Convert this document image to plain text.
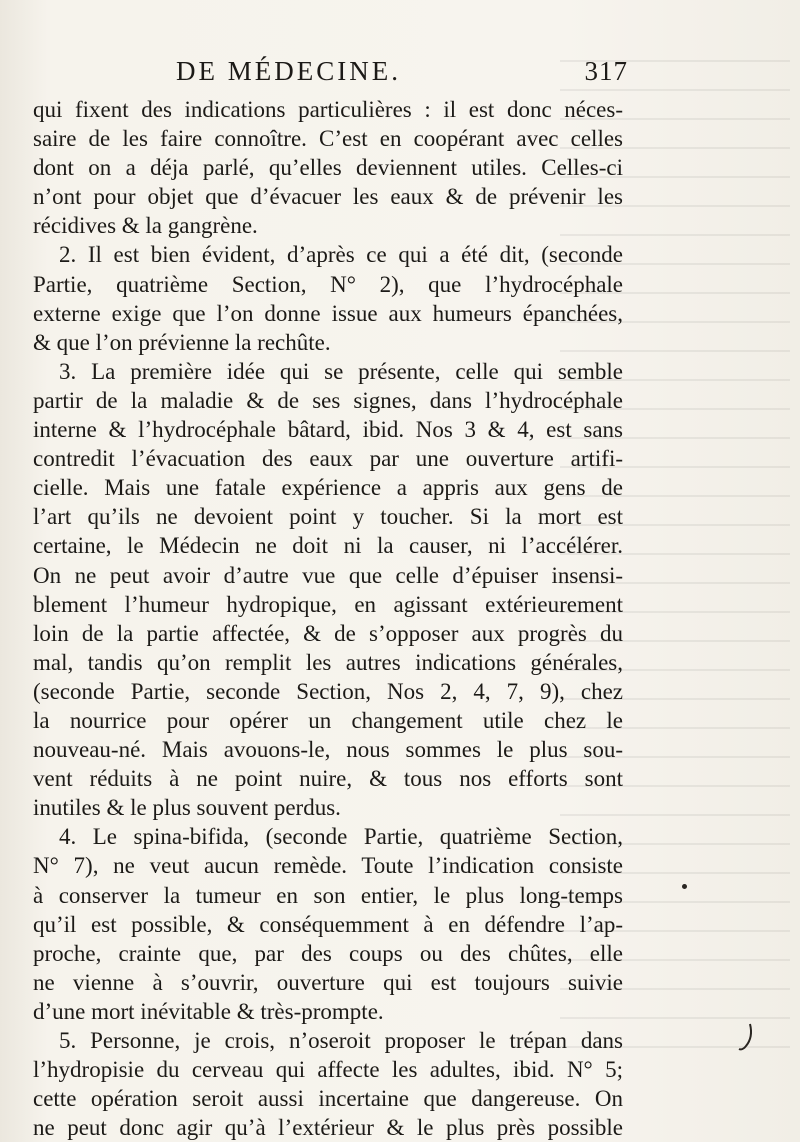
DE MÉDECINE.	317
qui fixent des indications particulières : il est donc néces-
saire de les faire connoître. C’est en coopérant avec celles
dont on a déja parlé, qu’elles deviennent utiles. Celles-ci
n’ont pour objet que d’évacuer les eaux & de prévenir les
récidives & la gangrène.
2. Il est bien évident, d’après ce qui a été dit, (seconde
Partie, quatrième Section, N° 2), que l’hydrocéphale
externe exige que l’on donne issue aux humeurs épanchées,
& que l’on prévienne la rechûte.
3. La première idée qui se présente, celle qui semble
partir de la maladie & de ses signes, dans l’hydrocéphale
interne & l’hydrocéphale bâtard, ibid. Nos 3 & 4, est sans
contredit l’évacuation des eaux par une ouverture artifi-
cielle. Mais une fatale expérience a appris aux gens de
l’art qu’ils ne devoient point y toucher. Si la mort est
certaine, le Médecin ne doit ni la causer, ni l’accélérer.
On ne peut avoir d’autre vue que celle d’épuiser insensi-
blement l’humeur hydropique, en agissant extérieurement
loin de la partie affectée, & de s’opposer aux progrès du
mal, tandis qu’on remplit les autres indications générales,
(seconde Partie, seconde Section, Nos 2, 4, 7, 9), chez
la nourrice pour opérer un changement utile chez le
nouveau-né. Mais avouons-le, nous sommes le plus sou-
vent réduits à ne point nuire, & tous nos efforts sont
inutiles & le plus souvent perdus.
4. Le spina-bifida, (seconde Partie, quatrième Section,
N° 7), ne veut aucun remède. Toute l’indication consiste
à conserver la tumeur en son entier, le plus long-temps
qu’il est possible, & conséquemment à en défendre l’ap-
proche, crainte que, par des coups ou des chûtes, elle
ne vienne à s’ouvrir, ouverture qui est toujours suivie
d’une mort inévitable & très-prompte.
5. Personne, je crois, n’oseroit proposer le trépan dans
l’hydropisie du cerveau qui affecte les adultes, ibid. N° 5;
cette opération seroit aussi incertaine que dangereuse. On
ne peut donc agir qu’à l’extérieur & le plus près possible
